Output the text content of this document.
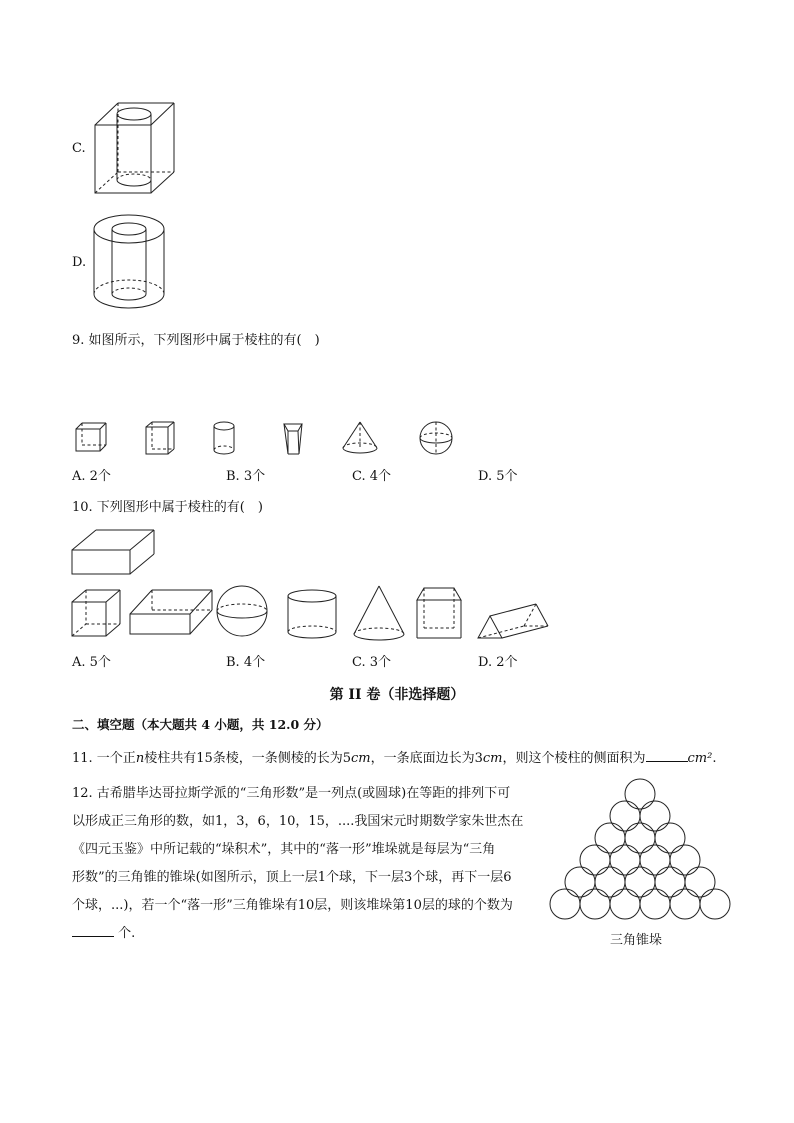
C.
D.
9. 如图所示，下列图形中属于棱柱的有(　)
A. 2个	B. 3个	C. 4个	D. 5个
10. 下列图形中属于棱柱的有(　)
A. 5个	B. 4个	C. 3个	D. 2个
第 II 卷（非选择题）
二、填空题（本大题共 4 小题，共 12.0 分）
11. 一个正n棱柱共有15条棱，一条侧棱的长为5cm，一条底面边长为3cm，则这个棱柱的侧面积为	cm².
12. 古希腊毕达哥拉斯学派的“三角形数”是一列点(或圆球)在等距的排列下可
以形成正三角形的数，如1，3，6，10，15，....我国宋元时期数学家朱世杰在
《四元玉鉴》中所记载的“垛积术”，其中的“落一形”堆垛就是每层为“三角
形数”的三角锥的锥垛(如图所示，顶上一层1个球，下一层3个球，再下一层6
个球，...)，若一个“落一形”三角锥垛有10层，则该堆垛第10层的球的个数为
个.	三角锥垛
